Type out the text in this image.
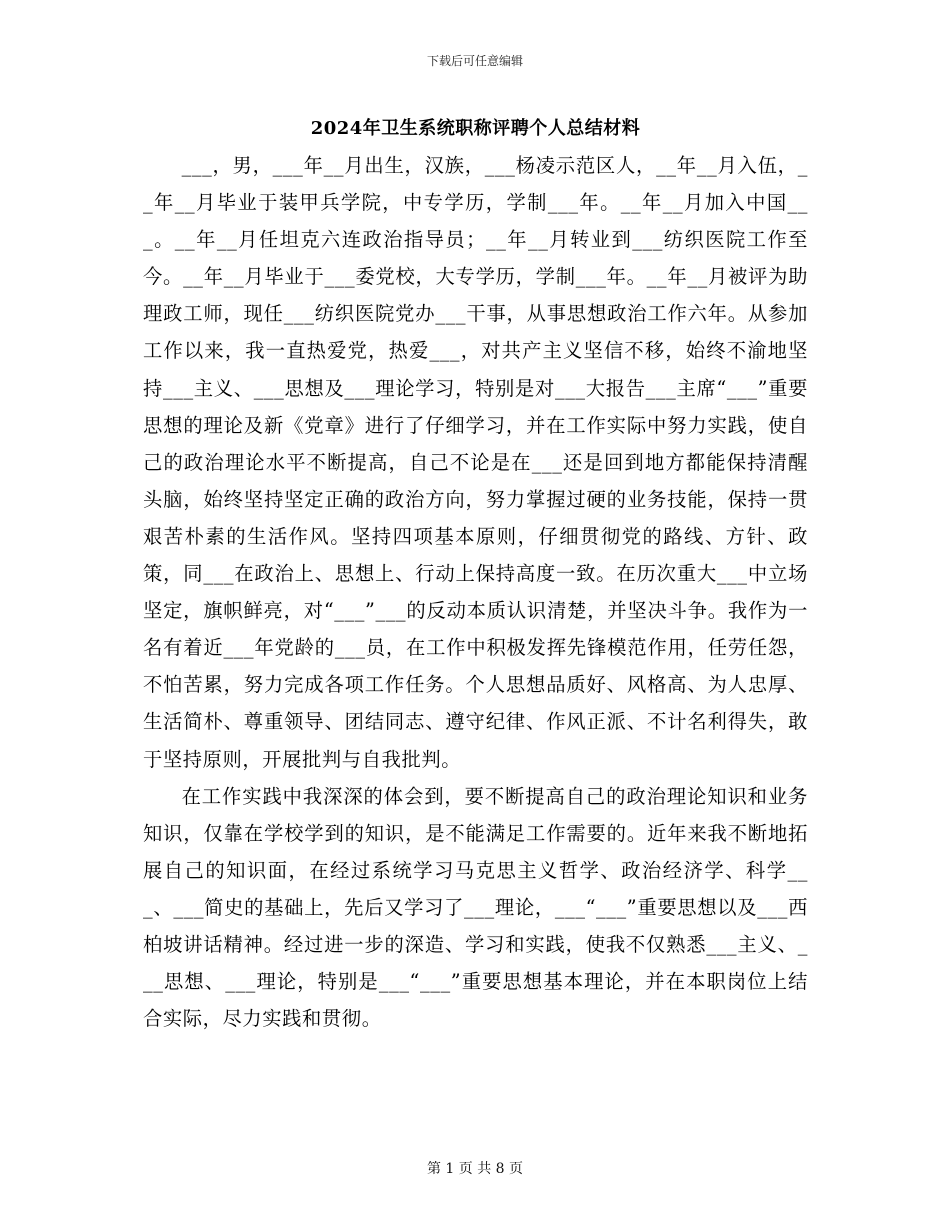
下载后可任意编辑
2024年卫生系统职称评聘个人总结材料

___，男，___年__月出生，汉族，___杨凌示范区人，__年__月入伍，__年__月毕业于装甲兵学院，中专学历，学制___年。__年__月加入中国___。__年__月任坦克六连政治指导员；__年__月转业到___纺织医院工作至今。__年__月毕业于___委党校，大专学历，学制___年。__年__月被评为助理政工师，现任___纺织医院党办___干事，从事思想政治工作六年。从参加工作以来，我一直热爱党，热爱___，对共产主义坚信不移，始终不渝地坚持___主义、___思想及___理论学习，特别是对___大报告___主席“___”重要思想的理论及新《党章》进行了仔细学习，并在工作实际中努力实践，使自己的政治理论水平不断提高，自己不论是在___还是回到地方都能保持清醒头脑，始终坚持坚定正确的政治方向，努力掌握过硬的业务技能，保持一贯艰苦朴素的生活作风。坚持四项基本原则，仔细贯彻党的路线、方针、政策，同___在政治上、思想上、行动上保持高度一致。在历次重大___中立场坚定，旗帜鲜亮，对“___”___的反动本质认识清楚，并坚决斗争。我作为一名有着近___年党龄的___员，在工作中积极发挥先锋模范作用，任劳任怨，不怕苦累，努力完成各项工作任务。个人思想品质好、风格高、为人忠厚、生活简朴、尊重领导、团结同志、遵守纪律、作风正派、不计名利得失，敢于坚持原则，开展批判与自我批判。

在工作实践中我深深的体会到，要不断提高自己的政治理论知识和业务知识，仅靠在学校学到的知识，是不能满足工作需要的。近年来我不断地拓展自己的知识面，在经过系统学习马克思主义哲学、政治经济学、科学___、___简史的基础上，先后又学习了___理论，___“___”重要思想以及___西柏坡讲话精神。经过进一步的深造、学习和实践，使我不仅熟悉___主义、___思想、___理论，特别是___“___”重要思想基本理论，并在本职岗位上结合实际，尽力实践和贯彻。

第 1 页 共 8 页
